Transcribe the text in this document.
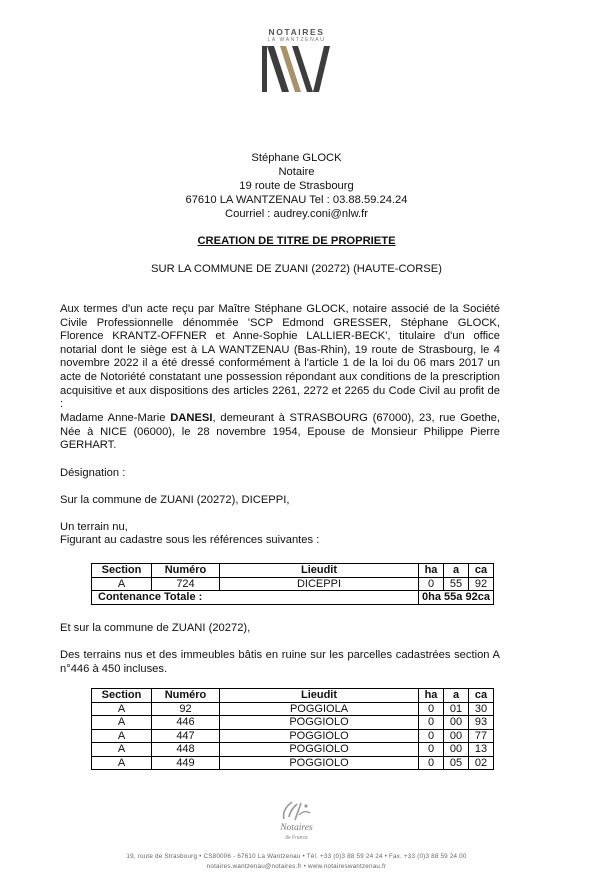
NOTAIRES
LA WANTZENAU
Stéphane GLOCK
Notaire
19 route de Strasbourg
67610 LA WANTZENAU Tel : 03.88.59.24.24
Courriel : audrey.coni@nlw.fr
CREATION DE TITRE DE PROPRIETE
SUR LA COMMUNE DE ZUANI (20272) (HAUTE-CORSE)
Aux termes d'un acte reçu par Maître Stéphane GLOCK, notaire associé de la Société Civile Professionnelle dénommée 'SCP Edmond GRESSER, Stéphane GLOCK, Florence KRANTZ-OFFNER et Anne-Sophie LALLIER-BECK', titulaire d'un office notarial dont le siège est à LA WANTZENAU (Bas-Rhin), 19 route de Strasbourg, le 4 novembre 2022 il a été dressé conformément à l'article 1 de la loi du 06 mars 2017 un acte de Notoriété constatant une possession répondant aux conditions de la prescription acquisitive et aux dispositions des articles 2261, 2272 et 2265 du Code Civil au profit de :
Madame Anne-Marie DANESI, demeurant à STRASBOURG (67000), 23, rue Goethe, Née à NICE (06000), le 28 novembre 1954, Epouse de Monsieur Philippe Pierre GERHART.
Désignation :
Sur la commune de ZUANI (20272), DICEPPI,
Un terrain nu,
Figurant au cadastre sous les références suivantes :
Section	Numéro	Lieudit	ha	a	ca
A	724	DICEPPI	0	55	92
Contenance Totale :			0ha 55a 92ca		
Et sur la commune de ZUANI (20272),
Des terrains nus et des immeubles bâtis en ruine sur les parcelles cadastrées section A n°446 à 450 incluses.
Section	Numéro	Lieudit	ha	a	ca
A	92	POGGIOLA	0	01	30
A	446	POGGIOLO	0	00	93
A	447	POGGIOLO	0	00	77
A	448	POGGIOLO	0	00	13
A	449	POGGIOLO	0	05	02
Notaires
de France
19, route de Strasbourg • CS80006 - 67610 La Wantzenau • Tél. +33 (0)3 88 59 24 24 • Fax. +33 (0)3 88 59 24 00
notaires.wantzenau@notaires.fr • www.notaireswantzenau.fr
